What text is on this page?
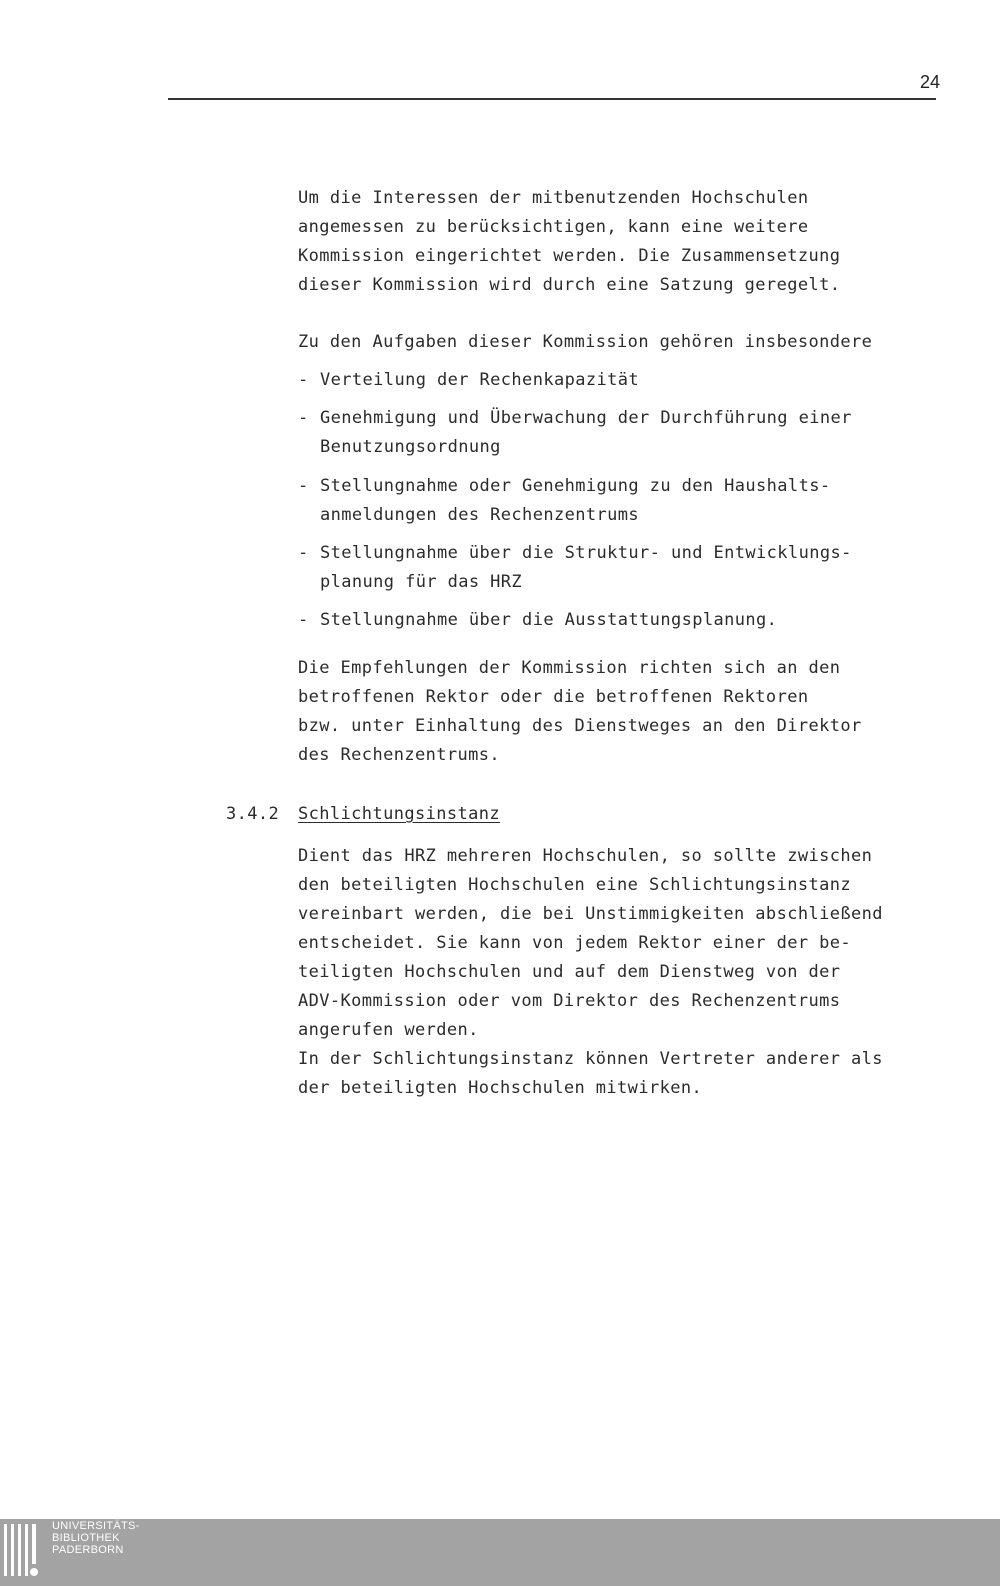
24
Um die Interessen der mitbenutzenden Hochschulen
angemessen zu berücksichtigen, kann eine weitere
Kommission eingerichtet werden. Die Zusammensetzung
dieser Kommission wird durch eine Satzung geregelt.
Zu den Aufgaben dieser Kommission gehören insbesondere
- Verteilung der Rechenkapazität
- Genehmigung und Überwachung der Durchführung einer
Benutzungsordnung
- Stellungnahme oder Genehmigung zu den Haushalts-
anmeldungen des Rechenzentrums
- Stellungnahme über die Struktur- und Entwicklungs-
planung für das HRZ
- Stellungnahme über die Ausstattungsplanung.
Die Empfehlungen der Kommission richten sich an den
betroffenen Rektor oder die betroffenen Rektoren
bzw. unter Einhaltung des Dienstweges an den Direktor
des Rechenzentrums.
3.4.2 Schlichtungsinstanz
Dient das HRZ mehreren Hochschulen, so sollte zwischen
den beteiligten Hochschulen eine Schlichtungsinstanz
vereinbart werden, die bei Unstimmigkeiten abschließend
entscheidet. Sie kann von jedem Rektor einer der be-
teiligten Hochschulen und auf dem Dienstweg von der
ADV-Kommission oder vom Direktor des Rechenzentrums
angerufen werden.
In der Schlichtungsinstanz können Vertreter anderer als
der beteiligten Hochschulen mitwirken.
UNIVERSITÄTS-
BIBLIOTHEK
PADERBORN
